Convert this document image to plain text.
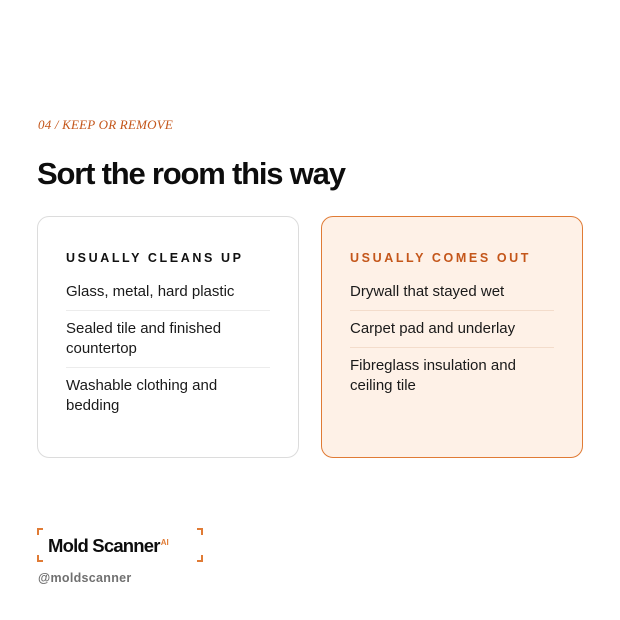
04 / KEEP OR REMOVE
Sort the room this way
USUALLY CLEANS UP
Glass, metal, hard plastic
Sealed tile and finished countertop
Washable clothing and bedding
USUALLY COMES OUT
Drywall that stayed wet
Carpet pad and underlay
Fibreglass insulation and ceiling tile
Mold Scanner$^{AI}$
@moldscanner
